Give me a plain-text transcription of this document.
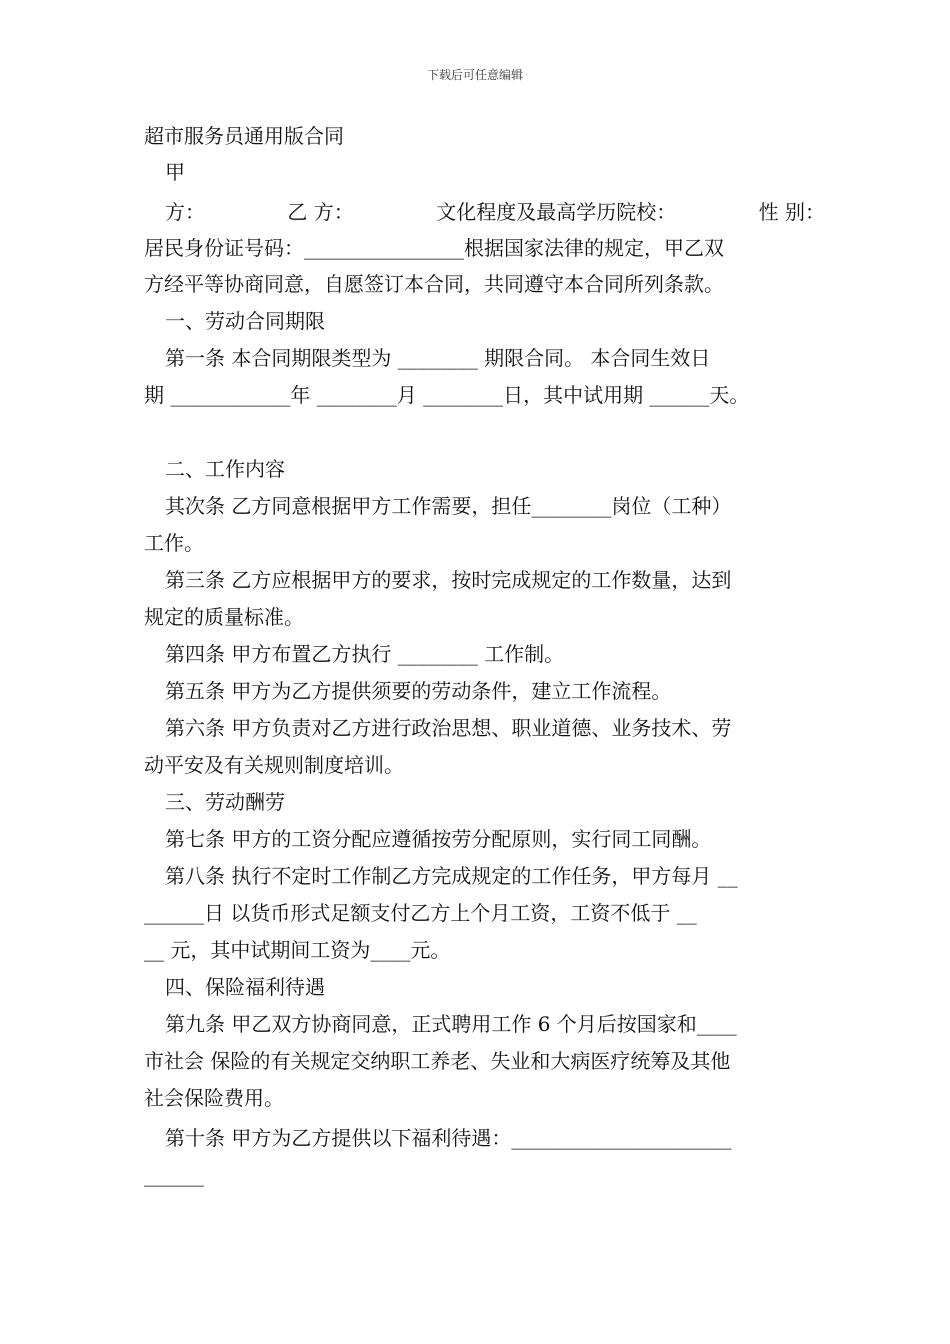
下载后可任意编辑
超市服务员通用版合同
甲
方：	乙 方：	文化程度及最高学历院校：	性 别：
居民身份证号码：________________根据国家法律的规定，甲乙双
方经平等协商同意，自愿签订本合同，共同遵守本合同所列条款。
一、劳动合同期限
第一条 本合同期限类型为 ________ 期限合同。 本合同生效日
期 ____________年 ________月 ________日，其中试用期 ______天。
二、工作内容
其次条 乙方同意根据甲方工作需要，担任________岗位（工种）
工作。
第三条 乙方应根据甲方的要求，按时完成规定的工作数量，达到
规定的质量标准。
第四条 甲方布置乙方执行 ________ 工作制。
第五条 甲方为乙方提供须要的劳动条件，建立工作流程。
第六条 甲方负责对乙方进行政治思想、职业道德、业务技术、劳
动平安及有关规则制度培训。
三、劳动酬劳
第七条 甲方的工资分配应遵循按劳分配原则，实行同工同酬。
第八条 执行不定时工作制乙方完成规定的工作任务，甲方每月 __
______日 以货币形式足额支付乙方上个月工资，工资不低于 __
__ 元，其中试期间工资为____元。
四、保险福利待遇
第九条 甲乙双方协商同意，正式聘用工作 6 个月后按国家和____
市社会 保险的有关规定交纳职工养老、失业和大病医疗统筹及其他
社会保险费用。
第十条 甲方为乙方提供以下福利待遇：______________________
______
